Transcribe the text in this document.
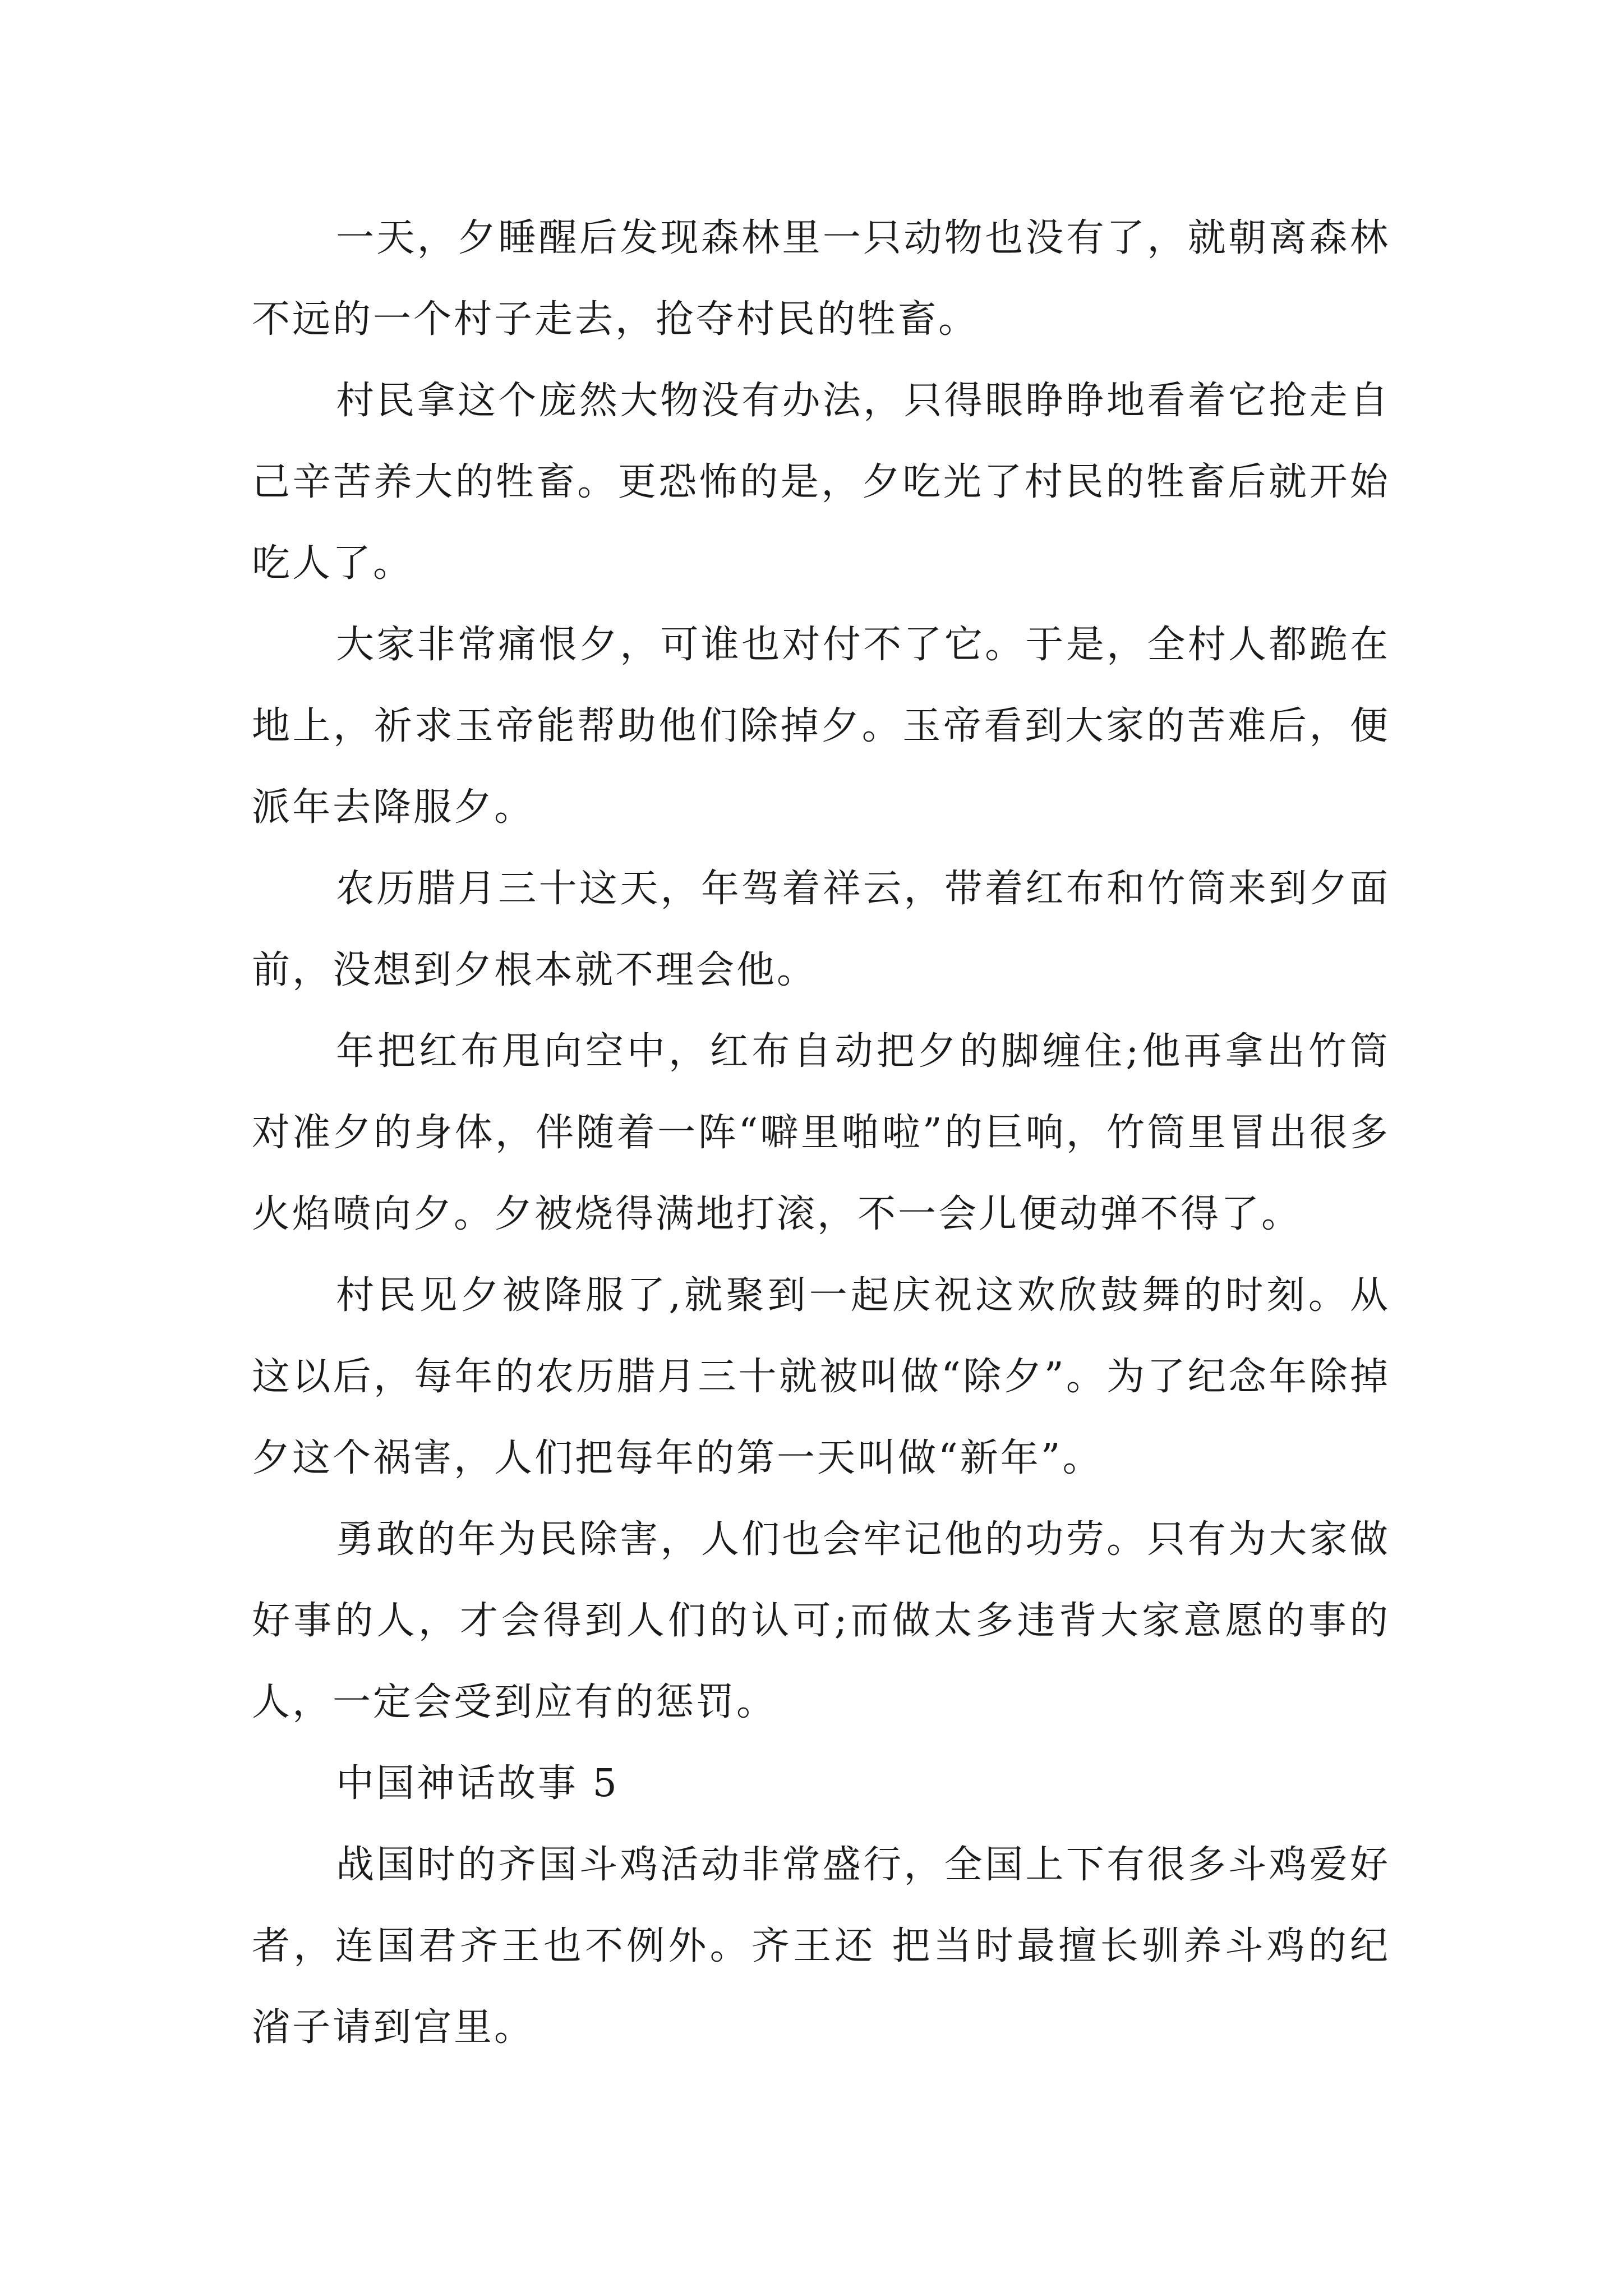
一天，夕睡醒后发现森林里一只动物也没有了，就朝离森林不远的一个村子走去，抢夺村民的牲畜。

村民拿这个庞然大物没有办法，只得眼睁睁地看着它抢走自己辛苦养大的牲畜。更恐怖的是，夕吃光了村民的牲畜后就开始吃人了。

大家非常痛恨夕，可谁也对付不了它。于是，全村人都跪在地上，祈求玉帝能帮助他们除掉夕。玉帝看到大家的苦难后，便派年去降服夕。

农历腊月三十这天，年驾着祥云，带着红布和竹筒来到夕面前，没想到夕根本就不理会他。

年把红布甩向空中，红布自动把夕的脚缠住;他再拿出竹筒对准夕的身体，伴随着一阵“噼里啪啦”的巨响，竹筒里冒出很多火焰喷向夕。夕被烧得满地打滚，不一会儿便动弹不得了。

村民见夕被降服了,就聚到一起庆祝这欢欣鼓舞的时刻。从这以后，每年的农历腊月三十就被叫做“除夕”。为了纪念年除掉夕这个祸害，人们把每年的第一天叫做“新年”。

勇敢的年为民除害，人们也会牢记他的功劳。只有为大家做好事的人，才会得到人们的认可;而做太多违背大家意愿的事的人，一定会受到应有的惩罚。

中国神话故事 5

战国时的齐国斗鸡活动非常盛行，全国上下有很多斗鸡爱好者，连国君齐王也不例外。齐王还 把当时最擅长驯养斗鸡的纪渻子请到宫里。
